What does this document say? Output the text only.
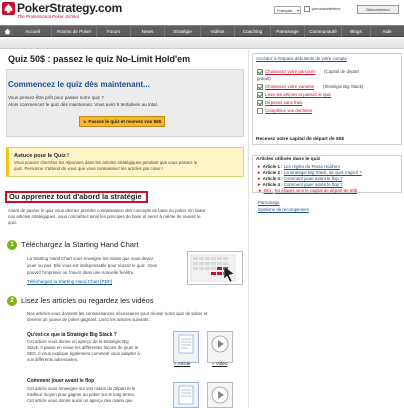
PokerStrategy.com
The Professional Poker School
Français ▾	jomontradelmex	Déconnexion
Accueil	Rooms de Poker	Forum	News	Stratégie	Vidéos	Coaching	Parrainage	Communauté	Blogs	Aide
Quiz 50$ : passez le quiz No-Limit Hold'em
Commencez le quiz dès maintenant...
Vous pensez-être prêt pour passer notre quiz ?
Alors commencez le quiz dès maintenant. Vous avez 5 tentatives au total.
►Passez le quiz et recevez vos 50$
Astuce pour le Quiz !
Vous pouvez chercher les réponses dans les articles stratégiques pendant que vous passez le
quiz. Personne n'attend de vous que vous connaissiez les articles par cœur !
Ou apprenez tout d'abord la stratégie
Avant de passer le quiz vous devriez prendre connaissance des concepts de base du poker. En lisant
nos articles stratégiques, vous connaîtrez ainsi les principes de base et serez à même de réussir le
quiz.
1 Téléchargez la Starting Hand Chart
La Starting Hand Chart vous enseigne les mains que vous devez
jouer ou pas. Elle vous est indispensable pour réussir le quiz. Vous
pouvez l'imprimer ou l'ouvrir dans une nouvelle fenêtre.
Téléchargez la Starting Hand Chart [PDF]
2 Lisez les articles ou regardez les vidéos
Nos articles vous donnent les connaissances nécessaires pour réussir notre quiz de poker et
devenir un joueur de poker gagnant. Lisez les articles suivants :
Qu'est-ce que la Stratégie Big Stack ?
Cet article vous donne un aperçu de la Stratégie Big
Stack. Il passe en revue les différentes façons de jouer le
SBS. Il vous explique également comment vous adapter à
vos différents adversaires.
» Article	» Vidéo
Comment jouer avant le flop
Cet article vous renseigne sur vos mains de départ et le
meilleur moyen pour gagner au poker sur le long terme.
Cet article vous donne aussi un aperçu des mains que
Accédez à l'espace débutants de votre compte
Choisissez votre parcours (Capital de départ
gratuit)
Choisissez votre variante (Stratégie Big Stack)
Lisez les articles et passez le quiz
Déposez sans frais
Complétez vos données
Recevez votre capital de départ de 50$
Articles utilisés dans le quiz
► Article 1 : Les règles du Texas Hold'em
► Article 2 : La stratégie Big Stack, de quoi s'agit-il ?
► Article 3 : Comment jouer avant le flop ?
► Article 4 : Comment jouer après le flop ?
► Info : les étapes vers le capital de départ de 50$
Parrainage
Système de récompenses
